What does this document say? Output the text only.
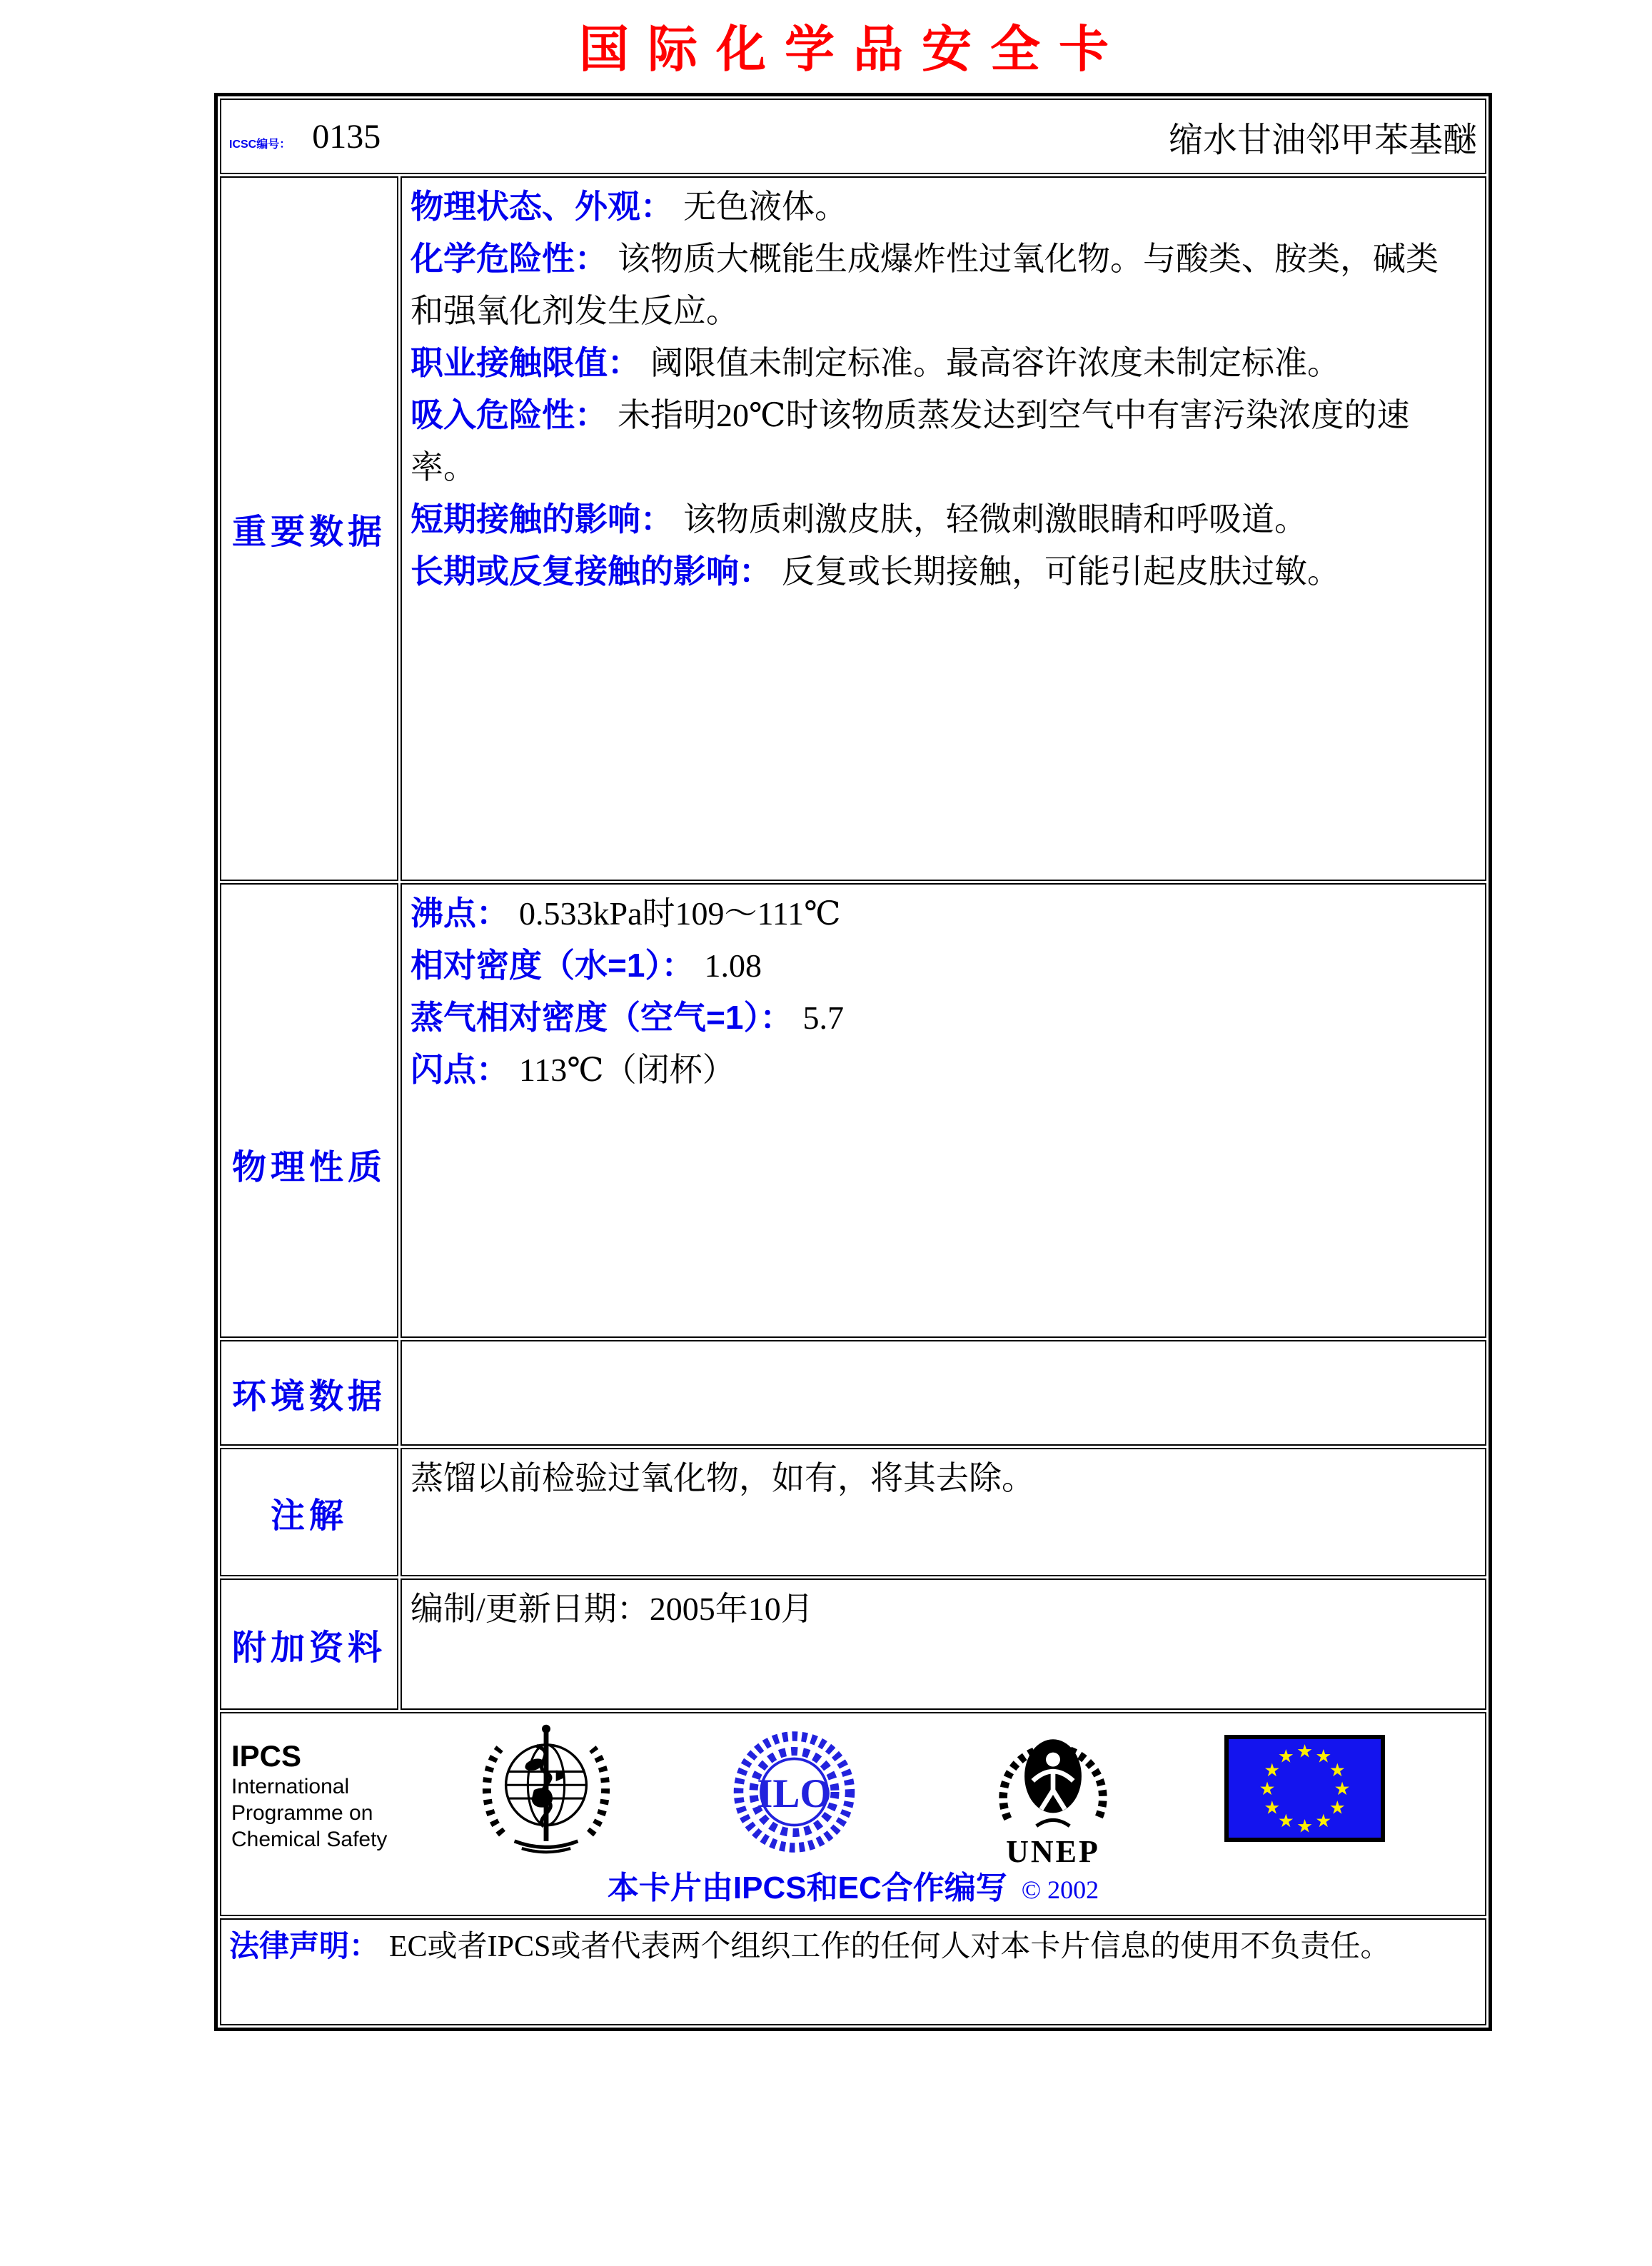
国际化学品安全卡
ICSC编号： 0135 缩水甘油邻甲苯基醚	

重要数据	

物理状态、外观： 无色液体。

化学危险性： 该物质大概能生成爆炸性过氧化物。与酸类、胺类，碱类和强氧化剂发生反应。

职业接触限值： 阈限值未制定标准。最高容许浓度未制定标准。

吸入危险性： 未指明20℃时该物质蒸发达到空气中有害污染浓度的速率。

短期接触的影响： 该物质刺激皮肤，轻微刺激眼睛和呼吸道。

长期或反复接触的影响： 反复或长期接触，可能引起皮肤过敏。

物理性质	沸点： 0.533kPa时109～111℃

相对密度（水=1）： 1.08

蒸气相对密度（空气=1）： 5.7

闪点： 113℃（闭杯）

环境数据	

注解	蒸馏以前检验过氧化物，如有，将其去除。

附加资料	编制/更新日期：2005年10月

IPCS
International
Programme on
Chemical Safety
ILO
UNEP
★ ★
★
★
★
★
★
★
★
★
★
★
本卡片由IPCS和EC合作编写 © 2002

法律声明： EC或者IPCS或者代表两个组织工作的任何人对本卡片信息的使用不负责任。	
